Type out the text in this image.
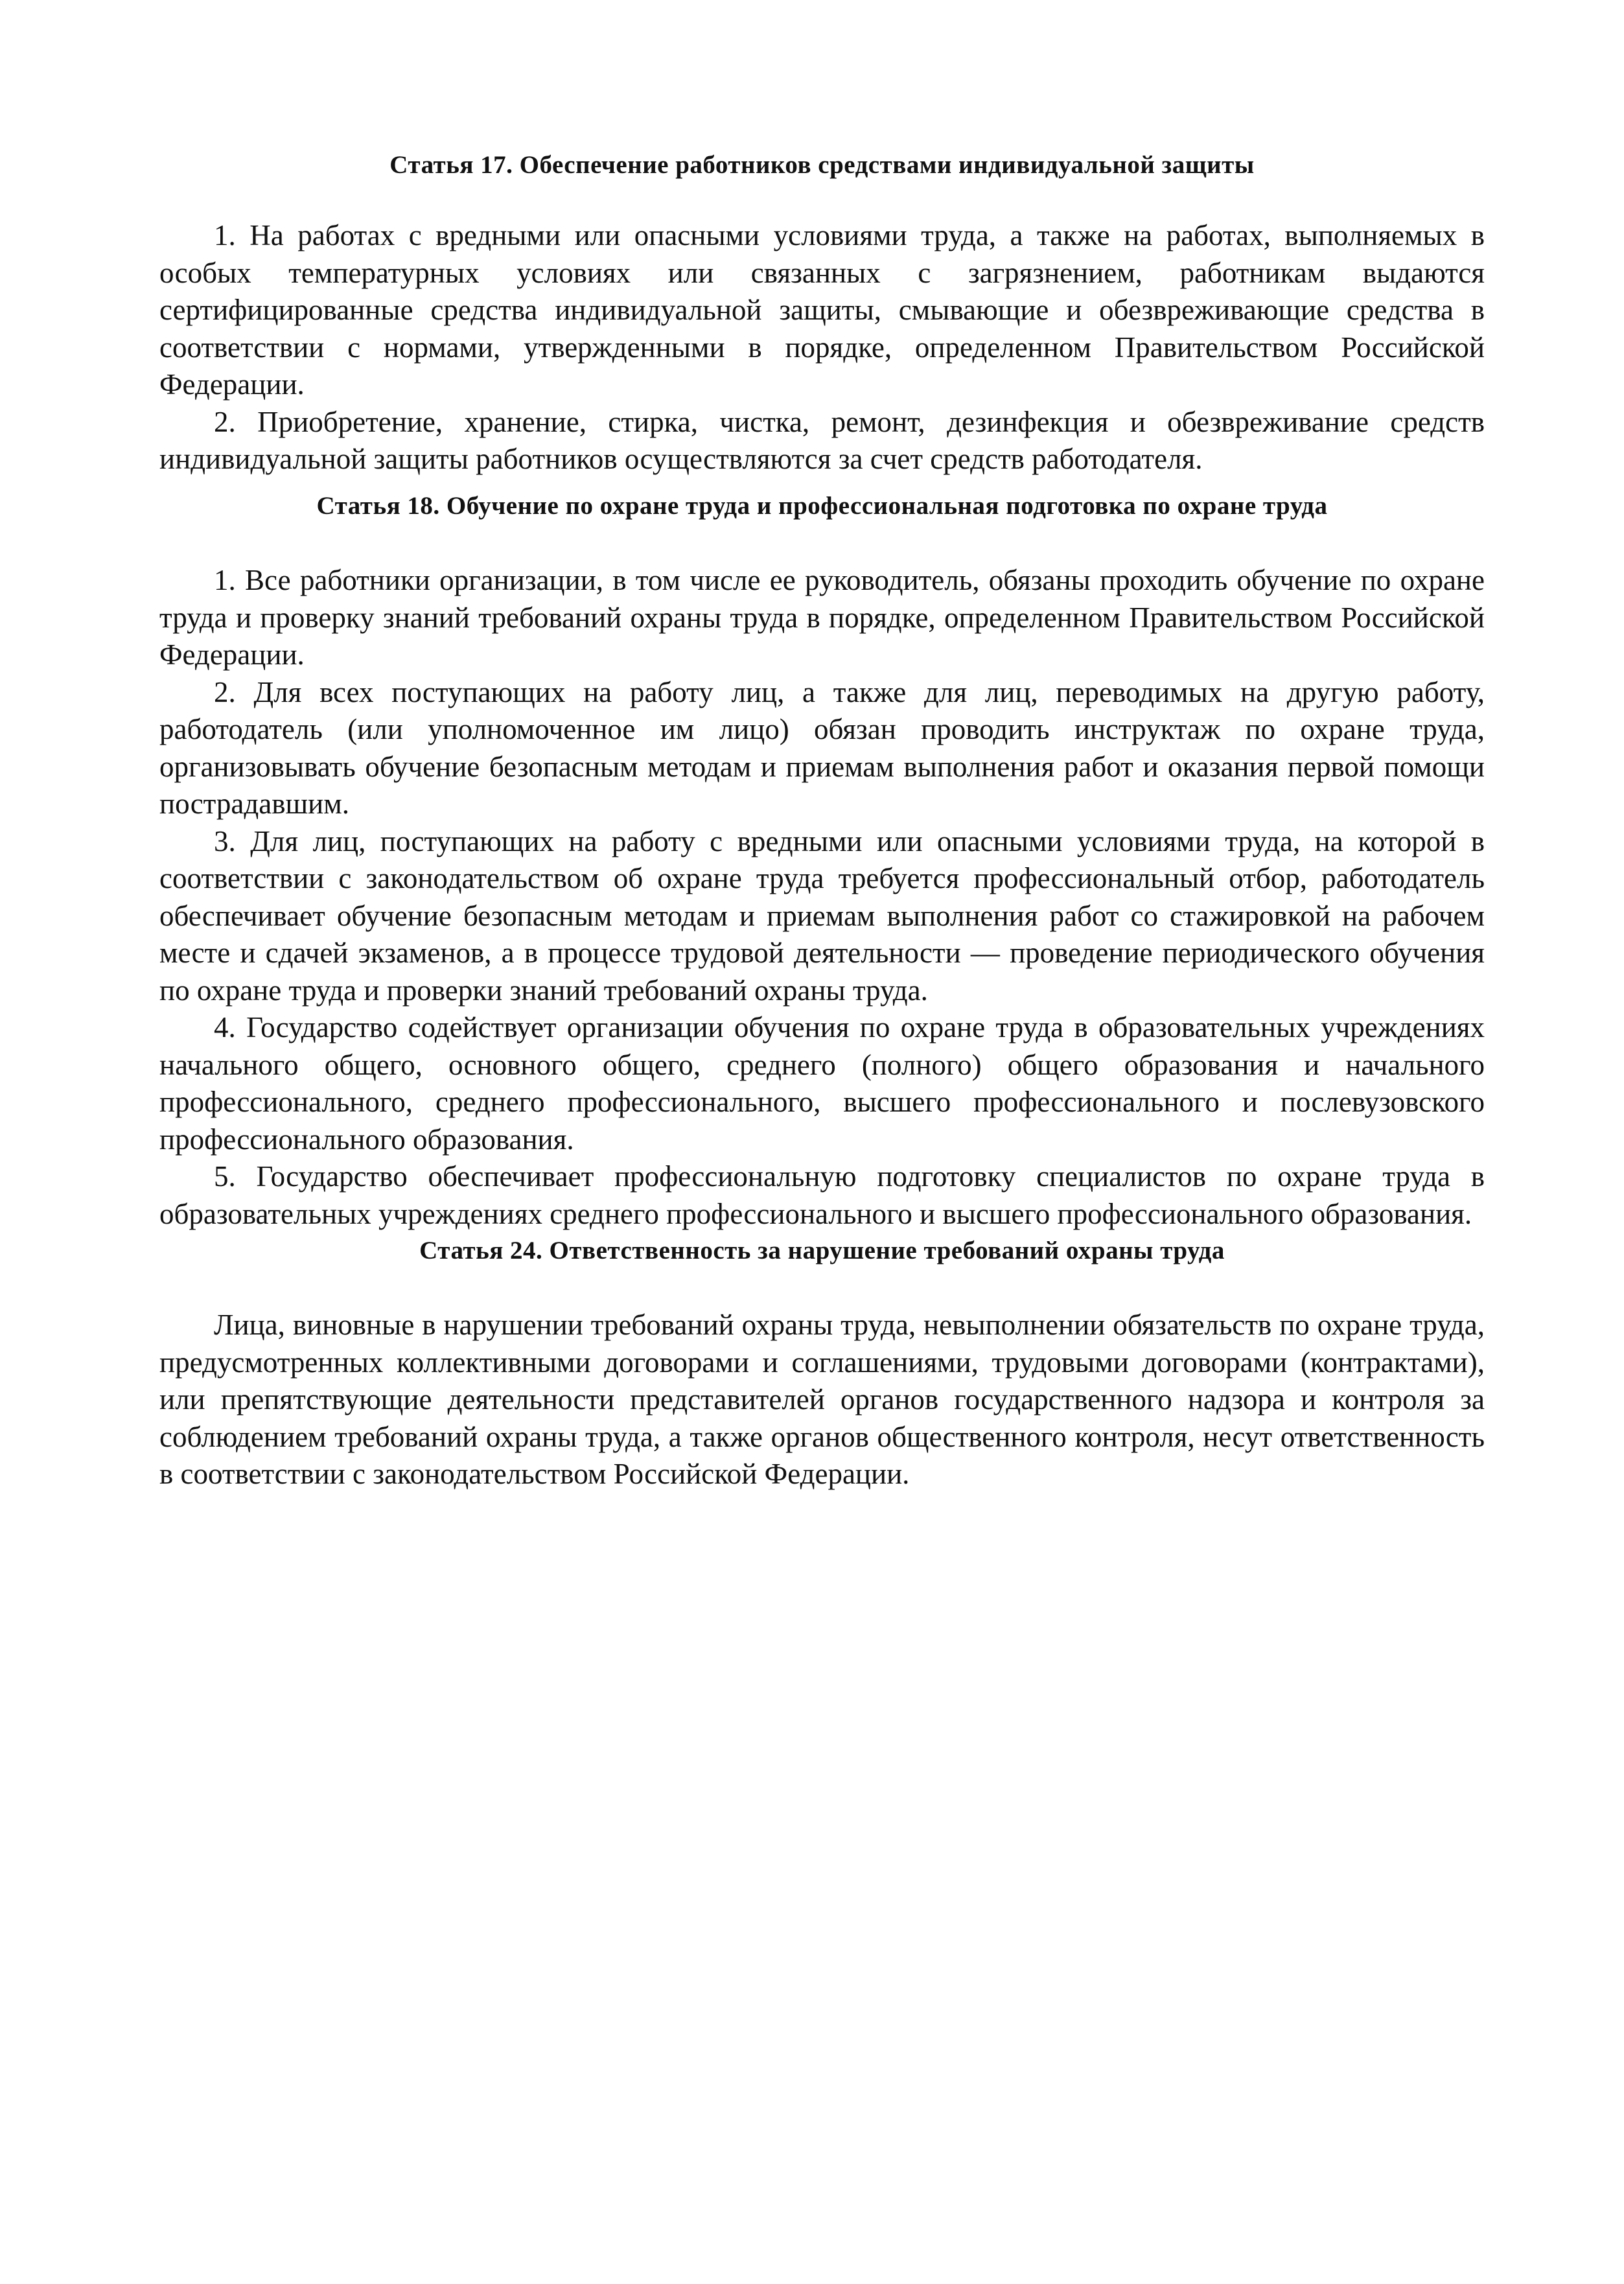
Статья 17. Обеспечение работников средствами индивидуальной защиты

1. На работах с вредными или опасными условиями труда, а также на работах, выполняемых в особых температурных условиях или связанных с загрязнением, работникам выдаются сертифицированные средства индивидуальной защиты, смывающие и обезвреживающие средства в соответствии с нормами, утвержденными в порядке, определенном Правительством Российской Федерации.

2. Приобретение, хранение, стирка, чистка, ремонт, дезинфекция и обезвреживание средств индивидуальной защиты работников осуществляются за счет средств работодателя.

Статья 18. Обучение по охране труда и профессиональная подготовка по охране труда

1. Все работники организации, в том числе ее руководитель, обязаны проходить обучение по охране труда и проверку знаний требований охраны труда в порядке, определенном Правительством Российской Федерации.

2. Для всех поступающих на работу лиц, а также для лиц, переводимых на другую работу, работодатель (или уполномоченное им лицо) обязан проводить инструктаж по охране труда, организовывать обучение безопасным методам и приемам выполнения работ и оказания первой помощи пострадавшим.

3. Для лиц, поступающих на работу с вредными или опасными условиями труда, на которой в соответствии с законодательством об охране труда требуется профессиональный отбор, работодатель обеспечивает обучение безопасным методам и приемам выполнения работ со стажировкой на рабочем месте и сдачей экзаменов, а в процессе трудовой деятельности — проведение периодического обучения по охране труда и проверки знаний требований охраны труда.

4. Государство содействует организации обучения по охране труда в образовательных учреждениях начального общего, основного общего, среднего (полного) общего образования и начального профессионального, среднего профессионального, высшего профессионального и послевузовского профессионального образования.

5. Государство обеспечивает профессиональную подготовку специалистов по охране труда в образовательных учреждениях среднего профессионального и высшего профессионального образования.

Статья 24. Ответственность за нарушение требований охраны труда

Лица, виновные в нарушении требований охраны труда, невыполнении обязательств по охране труда, предусмотренных коллективными договорами и соглашениями, трудовыми договорами (контрактами), или препятствующие деятельности представителей органов государственного надзора и контроля за соблюдением требований охраны труда, а также органов общественного контроля, несут ответственность в соответствии с законодательством Российской Федерации.
